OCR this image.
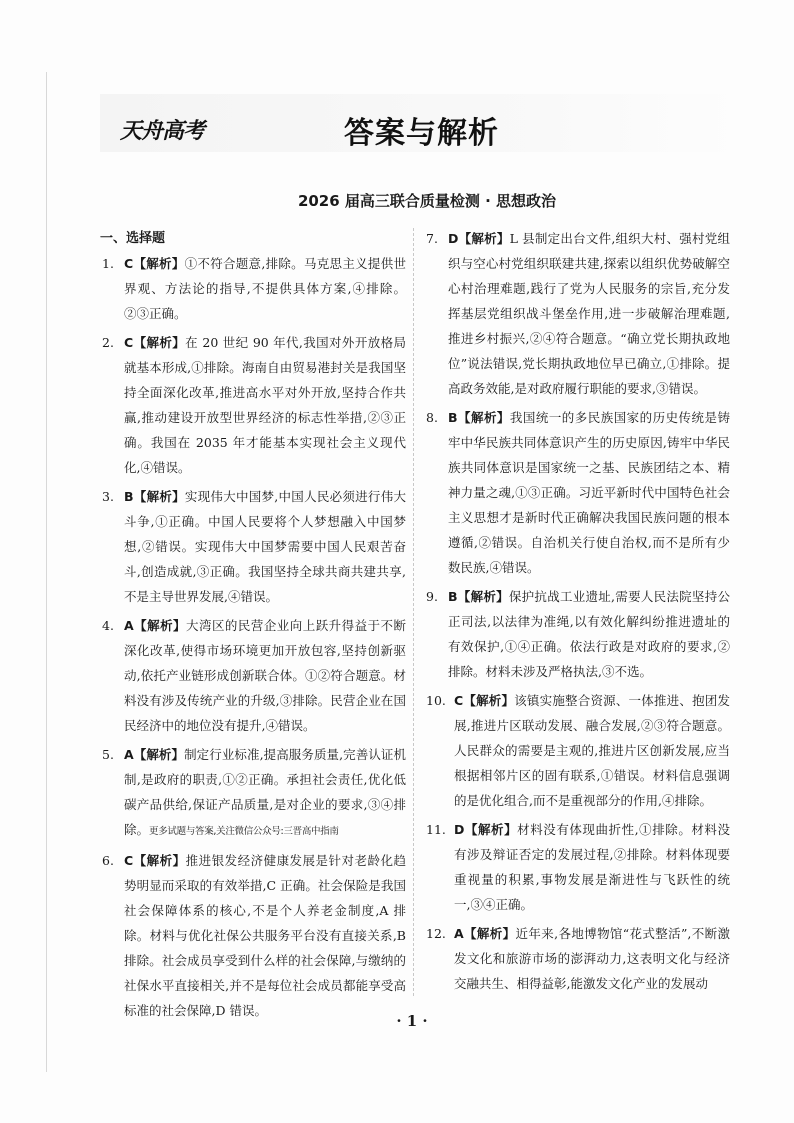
天舟高考	答案与解析
2026 届高三联合质量检测 · 思想政治
一、选择题
1. C【解析】①不符合题意,排除。马克思主义提供世界观、方法论的指导,不提供具体方案,④排除。②③正确。
2. C【解析】在 20 世纪 90 年代,我国对外开放格局就基本形成,①排除。海南自由贸易港封关是我国坚持全面深化改革,推进高水平对外开放,坚持合作共赢,推动建设开放型世界经济的标志性举措,②③正确。我国在 2035 年才能基本实现社会主义现代化,④错误。
3. B【解析】实现伟大中国梦,中国人民必须进行伟大斗争,①正确。中国人民要将个人梦想融入中国梦想,②错误。实现伟大中国梦需要中国人民艰苦奋斗,创造成就,③正确。我国坚持全球共商共建共享,不是主导世界发展,④错误。
4. A【解析】大湾区的民营企业向上跃升得益于不断深化改革,使得市场环境更加开放包容,坚持创新驱动,依托产业链形成创新联合体。①②符合题意。材料没有涉及传统产业的升级,③排除。民营企业在国民经济中的地位没有提升,④错误。
5. A【解析】制定行业标准,提高服务质量,完善认证机制,是政府的职责,①②正确。承担社会责任,优化低碳产品供给,保证产品质量,是对企业的要求,③④排除。更多试题与答案,关注微信公众号:三晋高中指南
6. C【解析】推进银发经济健康发展是针对老龄化趋势明显而采取的有效举措,C 正确。社会保险是我国社会保障体系的核心,不是个人养老金制度,A 排除。材料与优化社保公共服务平台没有直接关系,B 排除。社会成员享受到什么样的社会保障,与缴纳的社保水平直接相关,并不是每位社会成员都能享受高标准的社会保障,D 错误。
7. D【解析】L 县制定出台文件,组织大村、强村党组织与空心村党组织联建共建,探索以组织优势破解空心村治理难题,践行了党为人民服务的宗旨,充分发挥基层党组织战斗堡垒作用,进一步破解治理难题,推进乡村振兴,②④符合题意。“确立党长期执政地位”说法错误,党长期执政地位早已确立,①排除。提高政务效能,是对政府履行职能的要求,③错误。
8. B【解析】我国统一的多民族国家的历史传统是铸牢中华民族共同体意识产生的历史原因,铸牢中华民族共同体意识是国家统一之基、民族团结之本、精神力量之魂,①③正确。习近平新时代中国特色社会主义思想才是新时代正确解决我国民族问题的根本遵循,②错误。自治机关行使自治权,而不是所有少数民族,④错误。
9. B【解析】保护抗战工业遗址,需要人民法院坚持公正司法,以法律为准绳,以有效化解纠纷推进遗址的有效保护,①④正确。依法行政是对政府的要求,②排除。材料未涉及严格执法,③不选。
10. C【解析】该镇实施整合资源、一体推进、抱团发展,推进片区联动发展、融合发展,②③符合题意。人民群众的需要是主观的,推进片区创新发展,应当根据相邻片区的固有联系,①错误。材料信息强调的是优化组合,而不是重视部分的作用,④排除。
11. D【解析】材料没有体现曲折性,①排除。材料没有涉及辩证否定的发展过程,②排除。材料体现要重视量的积累,事物发展是渐进性与飞跃性的统一,③④正确。
12. A【解析】近年来,各地博物馆“花式整活”,不断激发文化和旅游市场的澎湃动力,这表明文化与经济交融共生、相得益彰,能激发文化产业的发展动
· 1 ·
